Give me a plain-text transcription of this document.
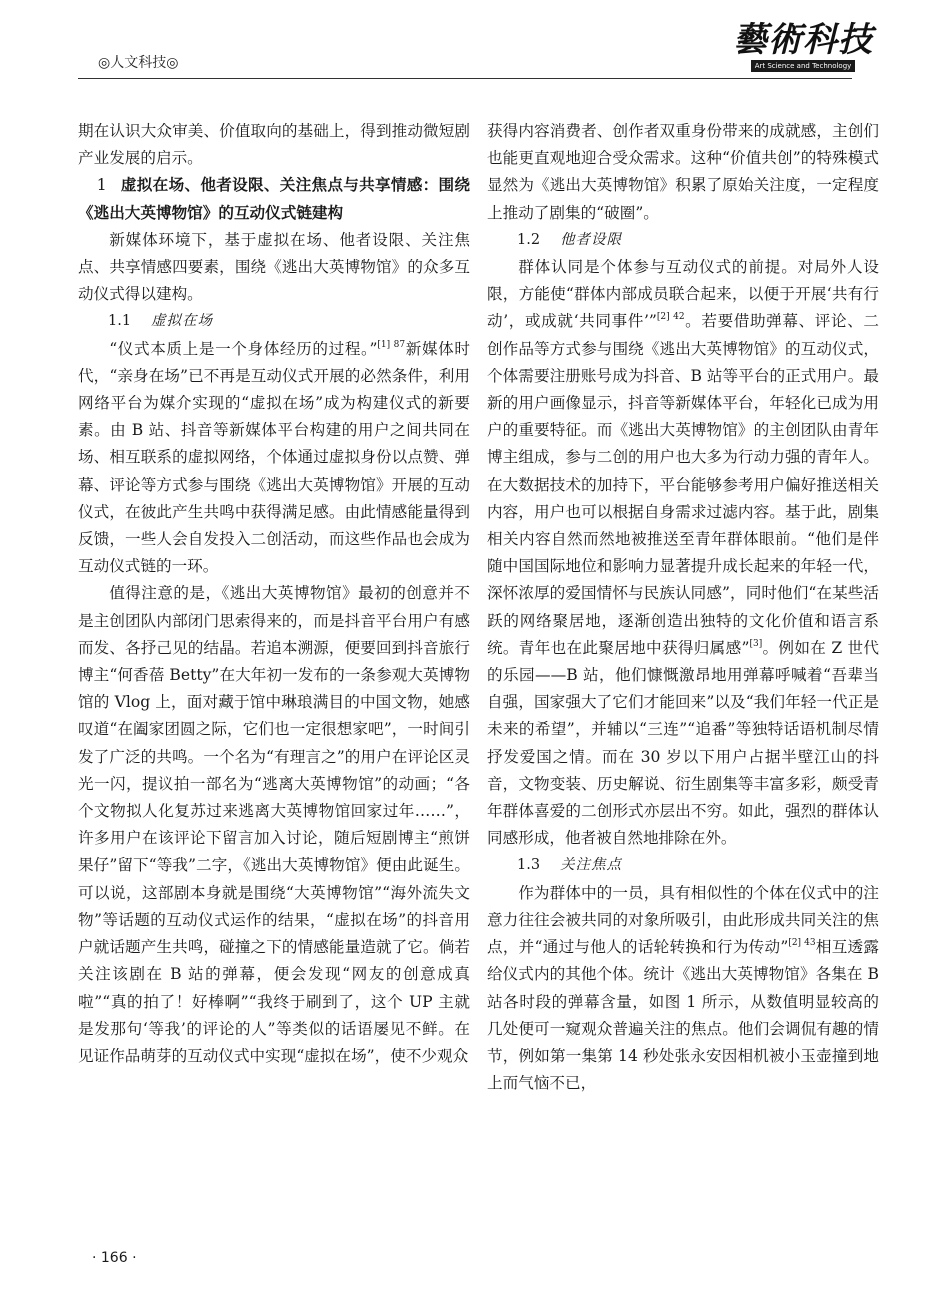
◎人文科技◎
藝術科技
Art Science and Technology

期在认识大众审美、价值取向的基础上，得到推动微短剧产业发展的启示。

1 虚拟在场、他者设限、关注焦点与共享情感：围绕《逃出大英博物馆》的互动仪式链建构

新媒体环境下，基于虚拟在场、他者设限、关注焦点、共享情感四要素，围绕《逃出大英博物馆》的众多互动仪式得以建构。

1.1 虚拟在场

“仪式本质上是一个身体经历的过程。”$^{[1] 87}$新媒体时代，“亲身在场”已不再是互动仪式开展的必然条件，利用网络平台为媒介实现的“虚拟在场”成为构建仪式的新要素。由 B 站、抖音等新媒体平台构建的用户之间共同在场、相互联系的虚拟网络，个体通过虚拟身份以点赞、弹幕、评论等方式参与围绕《逃出大英博物馆》开展的互动仪式，在彼此产生共鸣中获得满足感。由此情感能量得到反馈，一些人会自发投入二创活动，而这些作品也会成为互动仪式链的一环。

值得注意的是，《逃出大英博物馆》最初的创意并不是主创团队内部闭门思索得来的，而是抖音平台用户有感而发、各抒己见的结晶。若追本溯源，便要回到抖音旅行博主“何香蓓 Betty”在大年初一发布的一条参观大英博物馆的 Vlog 上，面对藏于馆中琳琅满目的中国文物，她感叹道“在阖家团圆之际，它们也一定很想家吧”，一时间引发了广泛的共鸣。一个名为“有理言之”的用户在评论区灵光一闪，提议拍一部名为“逃离大英博物馆”的动画；“各个文物拟人化复苏过来逃离大英博物馆回家过年……”，许多用户在该评论下留言加入讨论，随后短剧博主“煎饼果仔”留下“等我”二字，《逃出大英博物馆》便由此诞生。可以说，这部剧本身就是围绕“大英博物馆”“海外流失文物”等话题的互动仪式运作的结果，“虚拟在场”的抖音用户就话题产生共鸣，碰撞之下的情感能量造就了它。倘若关注该剧在 B 站的弹幕，便会发现“网友的创意成真啦”“真的拍了！好棒啊”“我终于刷到了，这个 UP 主就是发那句‘等我’的评论的人”等类似的话语屡见不鲜。在见证作品萌芽的互动仪式中实现“虚拟在场”，使不少观众

获得内容消费者、创作者双重身份带来的成就感，主创们也能更直观地迎合受众需求。这种“价值共创”的特殊模式显然为《逃出大英博物馆》积累了原始关注度，一定程度上推动了剧集的“破圈”。

1.2 他者设限

群体认同是个体参与互动仪式的前提。对局外人设限，方能使“群体内部成员联合起来，以便于开展‘共有行动’，或成就‘共同事件’”$^{[2] 42}$。若要借助弹幕、评论、二创作品等方式参与围绕《逃出大英博物馆》的互动仪式，个体需要注册账号成为抖音、B 站等平台的正式用户。最新的用户画像显示，抖音等新媒体平台，年轻化已成为用户的重要特征。而《逃出大英博物馆》的主创团队由青年博主组成，参与二创的用户也大多为行动力强的青年人。在大数据技术的加持下，平台能够参考用户偏好推送相关内容，用户也可以根据自身需求过滤内容。基于此，剧集相关内容自然而然地被推送至青年群体眼前。“他们是伴随中国国际地位和影响力显著提升成长起来的年轻一代，深怀浓厚的爱国情怀与民族认同感”，同时他们“在某些活跃的网络聚居地，逐渐创造出独特的文化价值和语言系统。青年也在此聚居地中获得归属感”[3]。例如在 Z 世代的乐园——B 站，他们慷慨激昂地用弹幕呼喊着“吾辈当自强，国家强大了它们才能回来”以及“我们年轻一代正是未来的希望”，并辅以“三连”“追番”等独特话语机制尽情抒发爱国之情。而在 30 岁以下用户占据半壁江山的抖音，文物变装、历史解说、衍生剧集等丰富多彩，颇受青年群体喜爱的二创形式亦层出不穷。如此，强烈的群体认同感形成，他者被自然地排除在外。

1.3 关注焦点

作为群体中的一员，具有相似性的个体在仪式中的注意力往往会被共同的对象所吸引，由此形成共同关注的焦点，并“通过与他人的话轮转换和行为传动”$^{[2] 43}$相互透露给仪式内的其他个体。统计《逃出大英博物馆》各集在 B 站各时段的弹幕含量，如图 1 所示，从数值明显较高的几处便可一窥观众普遍关注的焦点。他们会调侃有趣的情节，例如第一集第 14 秒处张永安因相机被小玉壶撞到地上而气恼不已，

· 166 ·
